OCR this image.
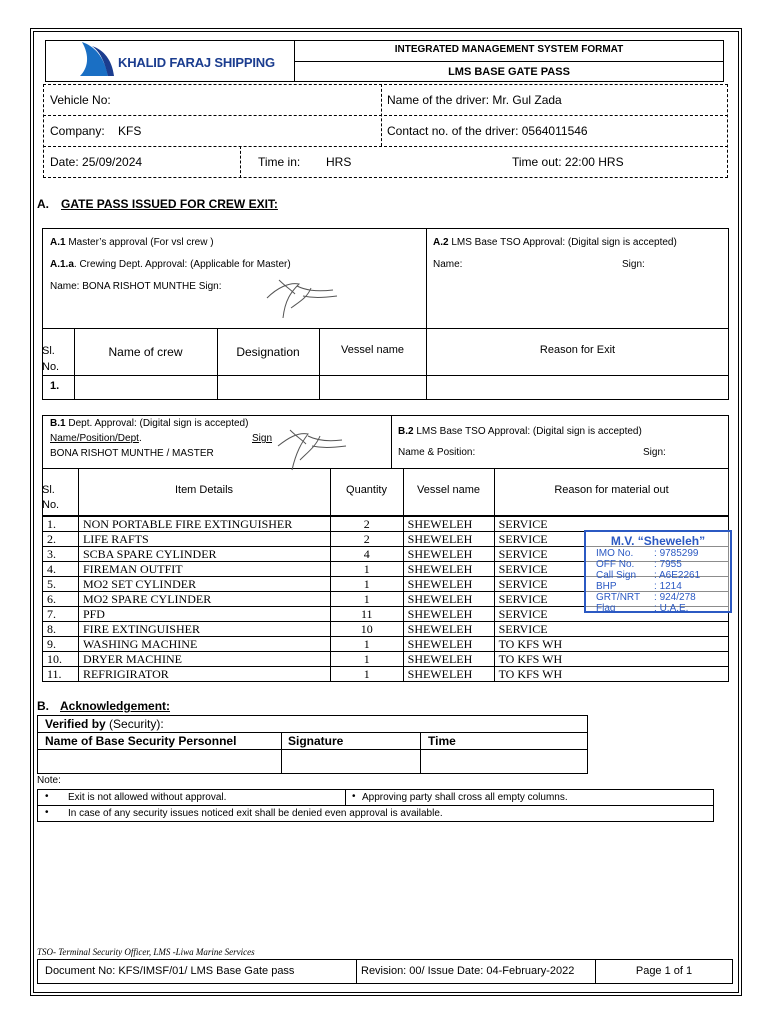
KHALID FARAJ SHIPPING
INTEGRATED MANAGEMENT SYSTEM FORMAT
LMS BASE GATE PASS
Vehicle No:	Name of the driver: Mr. Gul Zada
Company: KFS	Contact no. of the driver: 0564011546
Date: 25/09/2024	Time in: HRS	Time out: 22:00 HRS
A. GATE PASS ISSUED FOR CREW EXIT:
A.1 Master’s approval (For vsl crew )
A.1.a. Crewing Dept. Approval: (Applicable for Master)
Name: BONA RISHOT MUNTHE Sign:
A.2 LMS Base TSO Approval: (Digital sign is accepted)
Name:	Sign:
Sl.
No.
Name of crew	Designation	Vessel name	Reason for Exit
1.
B.1 Dept. Approval: (Digital sign is accepted)
Name/Position/Dept.	Sign
BONA RISHOT MUNTHE / MASTER
B.2 LMS Base TSO Approval: (Digital sign is accepted)
Name & Position:	Sign:
Sl.
No.
Item Details	Quantity	Vessel name	Reason for material out
1.	NON PORTABLE FIRE EXTINGUISHER	2	SHEWELEH	SERVICE
2.	LIFE RAFTS	2	SHEWELEH	SERVICE
3.	SCBA SPARE CYLINDER	4	SHEWELEH	SERVICE
4.	FIREMAN OUTFIT	1	SHEWELEH	SERVICE
5.	MO2 SET CYLINDER	1	SHEWELEH	SERVICE
6.	MO2 SPARE CYLINDER	1	SHEWELEH	SERVICE
7.	PFD	11	SHEWELEH	SERVICE
8.	FIRE EXTINGUISHER	10	SHEWELEH	SERVICE
9.	WASHING MACHINE	1	SHEWELEH	TO KFS WH
10.	DRYER MACHINE	1	SHEWELEH	TO KFS WH
11.	REFRIGIRATOR	1	SHEWELEH	TO KFS WH
M.V. “Sheweleh”
IMO No. : 9785299
OFF No. : 7955
Call Sign : A6E2261
BHP	: 1214
GRT/NRT : 924/278
Flag	: U.A.E.
B. Acknowledgement:
Verified by (Security):
Name of Base Security Personnel	Signature	Time
Note:
• Exit is not allowed without approval.	• Approving party shall cross all empty columns.
• In case of any security issues noticed exit shall be denied even approval is available.
TSO- Terminal Security Officer, LMS -Liwa Marine Services
Document No: KFS/IMSF/01/ LMS Base Gate pass	Revision: 00/ Issue Date: 04-February-2022	Page 1 of 1
